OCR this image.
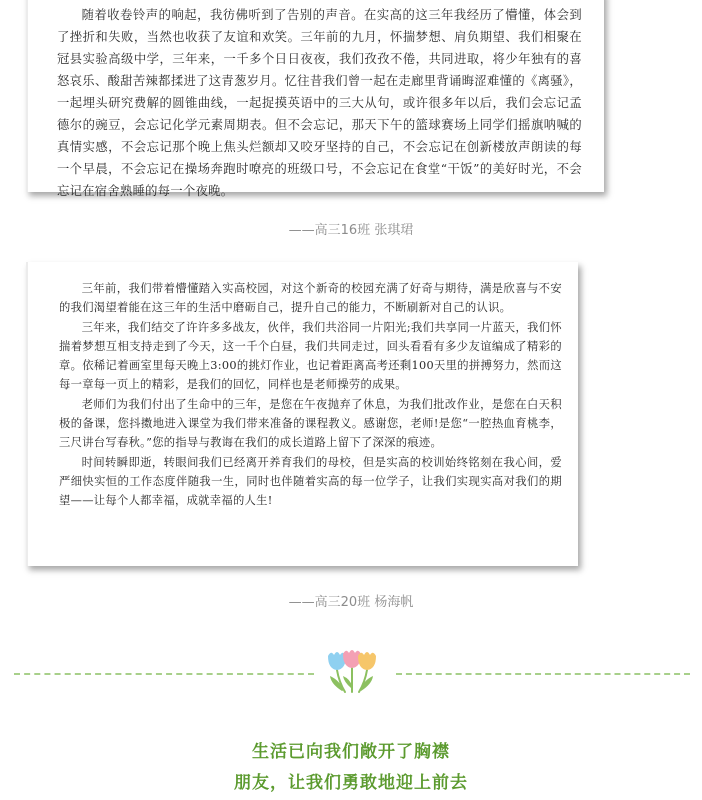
随着收卷铃声的响起，我彷佛听到了告别的声音。在实高的这三年我经历了懵懂，体会到了挫折和失败，当然也收获了友谊和欢笑。三年前的九月，怀揣梦想、肩负期望、我们相聚在冠县实验高级中学，三年来，一千多个日日夜夜，我们孜孜不倦，共同进取，将少年独有的喜怒哀乐、酸甜苦辣都揉进了这青葱岁月。忆往昔我们曾一起在走廊里背诵晦涩难懂的《离骚》，一起埋头研究费解的圆锥曲线，一起捉摸英语中的三大从句，或许很多年以后，我们会忘记孟德尔的豌豆，会忘记化学元素周期表。但不会忘记，那天下午的篮球赛场上同学们摇旗呐喊的真情实感，不会忘记那个晚上焦头烂额却又咬牙坚持的自己，不会忘记在创新楼放声朗读的每一个早晨，不会忘记在操场奔跑时嘹亮的班级口号，不会忘记在食堂“干饭”的美好时光，不会忘记在宿舍熟睡的每一个夜晚。

——高三16班 张琪珺

三年前，我们带着懵懂踏入实高校园，对这个新奇的校园充满了好奇与期待，满是欣喜与不安的我们渴望着能在这三年的生活中磨砺自己，提升自己的能力，不断刷新对自己的认识。

三年来，我们结交了许许多多战友，伙伴，我们共浴同一片阳光;我们共享同一片蓝天，我们怀揣着梦想互相支持走到了今天，这一千个白昼，我们共同走过，回头看看有多少友谊编成了精彩的章。依稀记着画室里每天晚上3:00的挑灯作业，也记着距离高考还剩100天里的拼搏努力，然而这每一章每一页上的精彩，是我们的回忆，同样也是老师操劳的成果。

老师们为我们付出了生命中的三年，是您在午夜抛弃了休息，为我们批改作业，是您在白天积极的备课，您抖擞地进入课堂为我们带来准备的课程教义。感谢您，老师!是您“一腔热血育桃李，三尺讲台写春秋。”您的指导与教诲在我们的成长道路上留下了深深的痕迹。

时间转瞬即逝，转眼间我们已经离开养育我们的母校，但是实高的校训始终铭刻在我心间，爱严细快实恒的工作态度伴随我一生，同时也伴随着实高的每一位学子，让我们实现实高对我们的期望——让每个人都幸福，成就幸福的人生!

——高三20班 杨海帆
生活已向我们敞开了胸襟
朋友，让我们勇敢地迎上前去
